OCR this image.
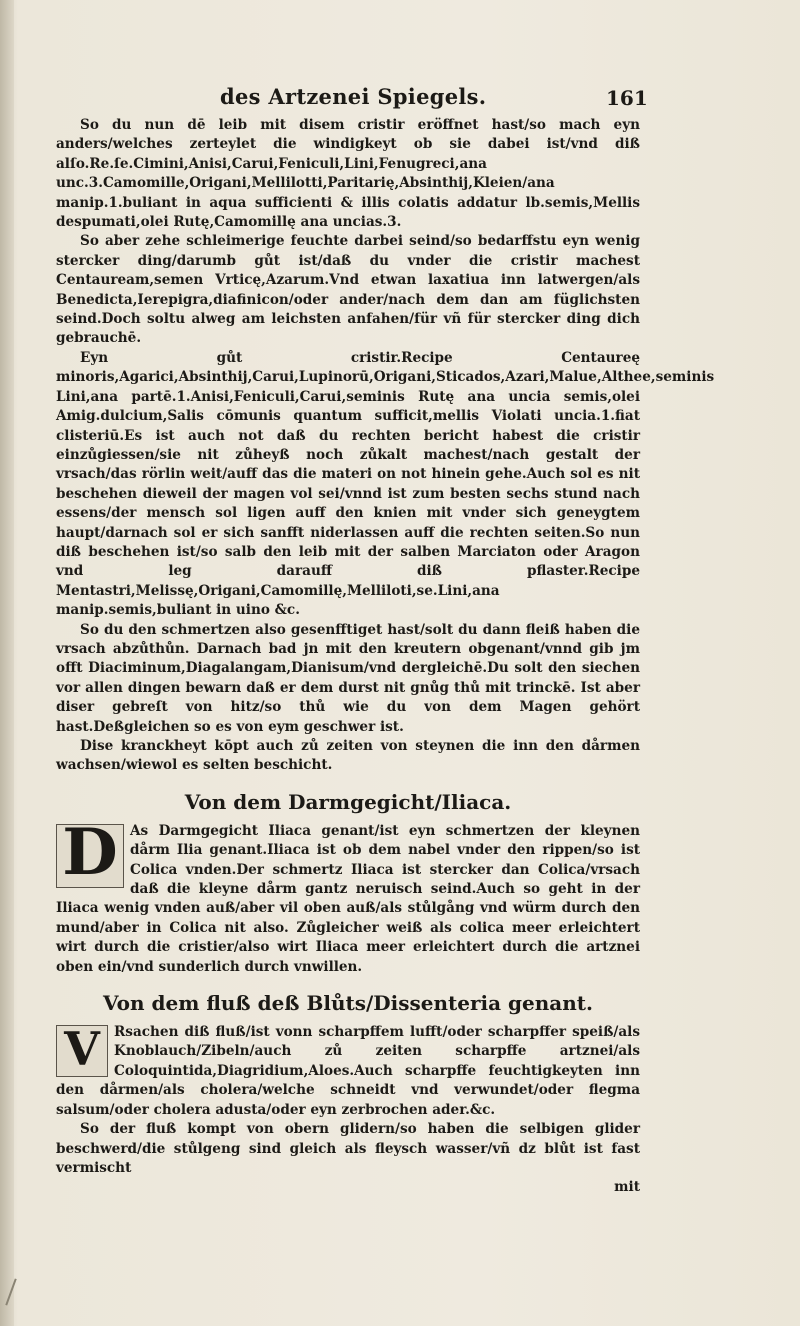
des Artzenei Spiegels.	161

So du nun dē leib mit disem cristir eröffnet hast/so mach eyn anders/welches zerteylet die windigkeyt ob sie dabei ist/vnd diß alſo.Re.ſe.Cimini,Anisi,Carui,Feniculi,Lini,Fenugreci,ana unc.3.Camomille,Origani,Mellilotti,Paritarię,Absinthij,Kleien/ana manip.1.buliant in aqua sufficienti & illis colatis addatur lb.semis,Mellis despumati,olei Rutę,Camomillę ana uncias.3.

So aber zehe schleimerige feuchte darbei seind/so bedarffstu eyn wenig stercker ding/darumb gůt ist/daß du vnder die cristir machest Centauream,semen Vrticę,Azarum.Vnd etwan laxatiua inn latwergen/als Benedicta,Ierepigra,diafinicon/oder ander/nach dem dan am füglichsten seind.Doch soltu alweg am leichsten anfahen/für vñ für stercker ding dich gebrauchē.

Eyn gůt cristir.Recipe Centaureę minoris,Agarici,Absinthij,Carui,Lupinorū,Origani,Sticados,Azari,Malue,Althee,seminis Lini,ana partē.1.Anisi,Feniculi,Carui,seminis Rutę ana uncia semis,olei Amig.dulcium,Salis cōmunis quantum sufficit,mellis Violati uncia.1.fiat clisteriū.Es ist auch not daß du rechten bericht habest die cristir einzůgiessen/sie nit zůheyß noch zůkalt machest/nach gestalt der vrsach/das rörlin weit/auff das die materi on not hinein gehe.Auch sol es nit beschehen dieweil der magen vol sei/vnnd ist zum besten sechs stund nach essens/der mensch sol ligen auff den knien mit vnder sich geneygtem haupt/darnach sol er sich sanfft niderlassen auff die rechten seiten.So nun diß beschehen ist/so salb den leib mit der salben Marciaton oder Aragon vnd leg darauff diß pflaster.Recipe Mentastri,Melissę,Origani,Camomillę,Melliloti,se.Lini,ana manip.semis,buliant in uino &c.

So du den schmertzen also gesenfftiget hast/solt du dann fleiß haben die vrsach abzůthůn. Darnach bad jn mit den kreutern obgenant/vnnd gib jm offt Diaciminum,Diagalangam,Dianisum/vnd dergleichē.Du solt den siechen vor allen dingen bewarn daß er dem durst nit gnůg thů mit trinckē. Ist aber diser gebreſt von hitz/so thů wie du von dem Magen gehört hast.Deßgleichen so es von eym geschwer ist.

Dise kranckheyt kōpt auch zů zeiten von steynen die inn den dårmen wachsen/wiewol es selten beschicht.

Von dem Darmgegicht/Iliaca.
D As Darmgegicht Iliaca genant/ist eyn schmertzen der kleynen dårm Ilia genant.Iliaca ist ob dem nabel vnder den rippen/so ist Colica vnden.Der schmertz Iliaca ist stercker dan Colica/vrsach daß die kleyne dårm gantz neruisch seind.Auch so geht in der Iliaca wenig vnden auß/aber vil oben auß/als stůlgång vnd würm durch den mund/aber in Colica nit also. Zůgleicher weiß als colica meer erleichtert wirt durch die cristier/also wirt Iliaca meer erleichtert durch die artznei oben ein/vnd sunderlich durch vnwillen.

Von dem fluß deß Blůts/Dissenteria genant.
V	Rsachen diß fluß/ist vonn scharpffem lufft/oder scharpffer speiß/als Knoblauch/Zibeln/auch zů zeiten scharpffe artznei/als Coloquintida,Diagridium,Aloes.Auch scharpffe feuchtigkeyten inn den dårmen/als cholera/welche schneidt vnd verwundet/oder flegma salsum/oder cholera adusta/oder eyn zerbrochen ader.&c.

So der fluß kompt von obern glidern/so haben die selbigen glider beschwerd/die stůlgeng sind gleich als fleysch wasser/vñ dz blůt ist fast vermischt

mit
